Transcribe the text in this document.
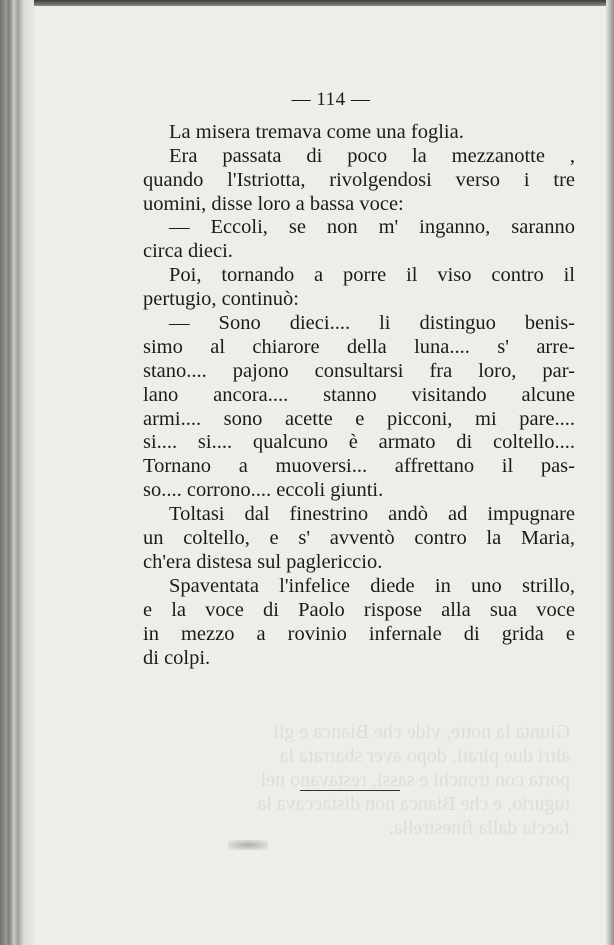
Giunta la notte, vide che Bianca e gli
altri due pirati, dopo aver sbarrata la
porta con tronchi e sassi, restavano nel
tugurio, e che Bianca non distaccava la
faccia dalla finestrella.
— 114 —
La misera tremava come una foglia.
Era passata di poco la mezzanotte ,
quando l'Istriotta, rivolgendosi verso i tre
uomini, disse loro a bassa voce:
— Eccoli, se non m' inganno, saranno
circa dieci.
Poi, tornando a porre il viso contro il
pertugio, continuò:
— Sono dieci.... li distinguo benis-
simo al chiarore della luna.... s' arre-
stano.... pajono consultarsi fra loro, par-
lano ancora.... stanno visitando alcune
armi.... sono acette e picconi, mi pare....
si.... si.... qualcuno è armato di coltello....
Tornano a muoversi... affrettano il pas-
so.... corrono.... eccoli giunti.
Toltasi dal finestrino andò ad impugnare
un coltello, e s' avventò contro la Maria,
ch'era distesa sul paglericcio.
Spaventata l'infelice diede in uno strillo,
e la voce di Paolo rispose alla sua voce
in mezzo a rovinio infernale di grida e
di colpi.
